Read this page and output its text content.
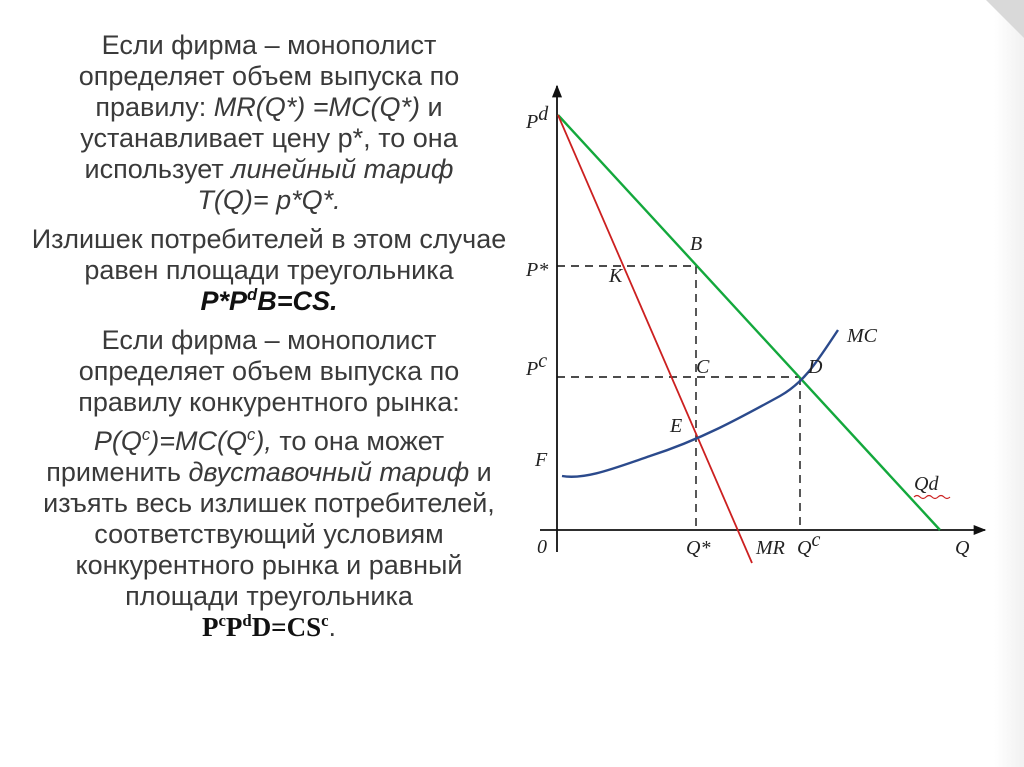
Если фирма – монополист определяет объем выпуска по правилу: MR(Q*) =MC(Q*) и устанавливает цену p*, то она использует линейный тариф
T(Q)= p*Q*.

Излишек потребителей в этом случае равен площади треугольника $P*P^dB=CS$.

Если фирма – монополист определяет объем выпуска по правилу конкурентного рынка:

$P(Q^c)=MC(Q^c)$, то она может применить двуставочный тариф и изъять весь излишек потребителей, соответствующий условиям конкурентного рынка и равный площади треугольника
$P^cP^dD=CS^c$.

Pd
P*
Pc
F
0
B
K
C	D
E
MC
Qd
Q* MR Qc	Q
